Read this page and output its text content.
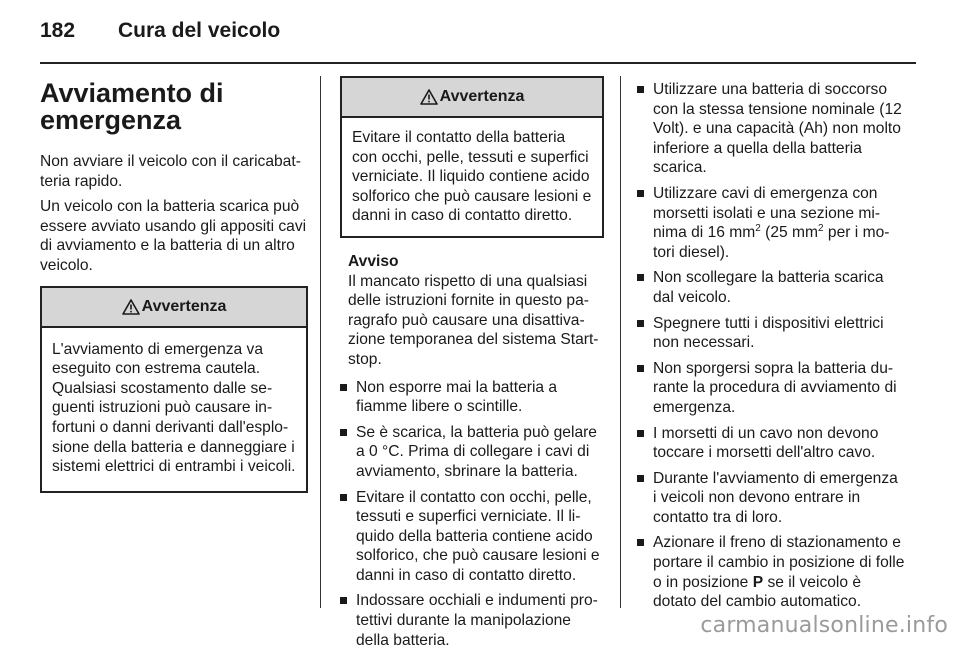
182	Cura del veicolo
Avviamento di emergenza

Non avviare il veicolo con il caricabatteria rapido.

Un veicolo con la batteria scarica può essere avviato usando gli appositi cavi di avviamento e la batteria di un altro veicolo.

Avvertenza
L'avviamento di emergenza va eseguito con estrema cautela. Qualsiasi scostamento dalle seguenti istruzioni può causare infortuni o danni derivanti dall'esplosione della batteria e danneggiare i sistemi elettrici di entrambi i veicoli.
Avvertenza
Evitare il contatto della batteria con occhi, pelle, tessuti e superfici verniciate. Il liquido contiene acido solforico che può causare lesioni e danni in caso di contatto diretto.
Avviso
Il mancato rispetto di una qualsiasi delle istruzioni fornite in questo paragrafo può causare una disattivazione temporanea del sistema Start-stop.
Non esporre mai la batteria a fiamme libere o scintille.
Se è scarica, la batteria può gelare a 0 °C. Prima di collegare i cavi di avviamento, sbrinare la batteria.
Evitare il contatto con occhi, pelle, tessuti e superfici verniciate. Il liquido della batteria contiene acido solforico, che può causare lesioni e danni in caso di contatto diretto.
Indossare occhiali e indumenti protettivi durante la manipolazione della batteria.
Utilizzare una batteria di soccorso con la stessa tensione nominale (12 Volt). e una capacità (Ah) non molto inferiore a quella della batteria scarica.
Utilizzare cavi di emergenza con morsetti isolati e una sezione minima di 16 $mm^2$ (25 $mm^2$ per i motori diesel).
Non scollegare la batteria scarica dal veicolo.
Spegnere tutti i dispositivi elettrici non necessari.
Non sporgersi sopra la batteria durante la procedura di avviamento di emergenza.
I morsetti di un cavo non devono toccare i morsetti dell'altro cavo.
Durante l'avviamento di emergenza i veicoli non devono entrare in contatto tra di loro.
Azionare il freno di stazionamento e portare il cambio in posizione di folle o in posizione P se il veicolo è dotato del cambio automatico.
carmanualsonline.info
